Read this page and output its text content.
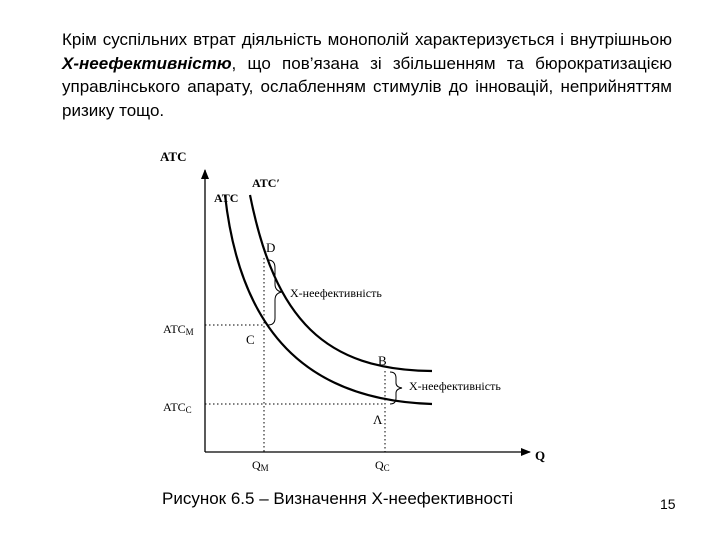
Крім суспільних втрат діяльність монополій характеризується і внутрішньою Х-неефективністю, що пов’язана зі збільшенням та бюрократизацією управлінського апарату, ослабленням стимулів до інновацій, неприйняттям ризику тощо.

ATC
Q
ATC′
ATC
D
C
B
Λ
Х-неефективність
Х-неефективність
ATCM
ATCC
QM	QC
Рисунок 6.5 – Визначення Х-неефективності	15
